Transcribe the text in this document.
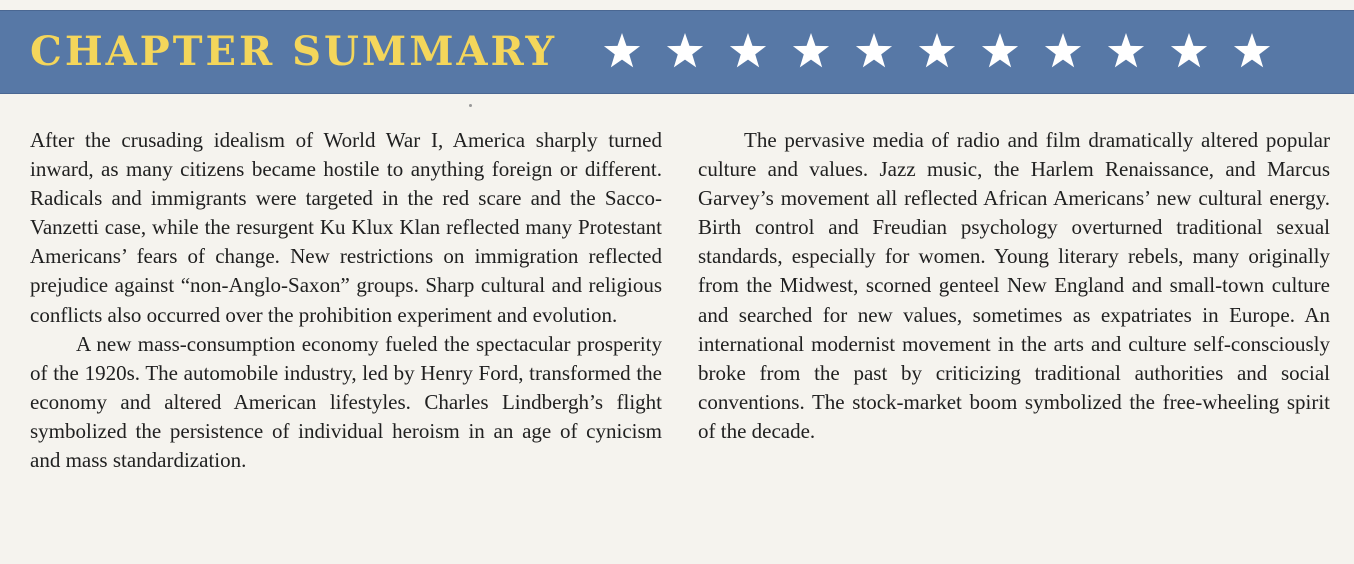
CHAPTER SUMMARY

After the crusading idealism of World War I, America sharply turned inward, as many citizens became hostile to anything foreign or different. Radicals and immigrants were targeted in the red scare and the Sacco-Vanzetti case, while the resurgent Ku Klux Klan reflected many Protestant Americans’ fears of change. New restrictions on immigration reflected prejudice against “non-Anglo-Saxon” groups. Sharp cultural and religious conflicts also occurred over the prohibition experiment and evolution.

A new mass-consumption economy fueled the spectacular prosperity of the 1920s. The automobile industry, led by Henry Ford, transformed the economy and altered American lifestyles. Charles Lindbergh’s flight symbolized the persistence of individual heroism in an age of cynicism and mass standardization.

The pervasive media of radio and film dramatically altered popular culture and values. Jazz music, the Harlem Renaissance, and Marcus Garvey’s movement all reflected African Americans’ new cultural energy. Birth control and Freudian psychology overturned traditional sexual standards, especially for women. Young literary rebels, many originally from the Midwest, scorned genteel New England and small-town culture and searched for new values, sometimes as expatriates in Europe. An international modernist movement in the arts and culture self-consciously broke from the past by criticizing traditional authorities and social conventions. The stock-market boom symbolized the free-wheeling spirit of the decade.
